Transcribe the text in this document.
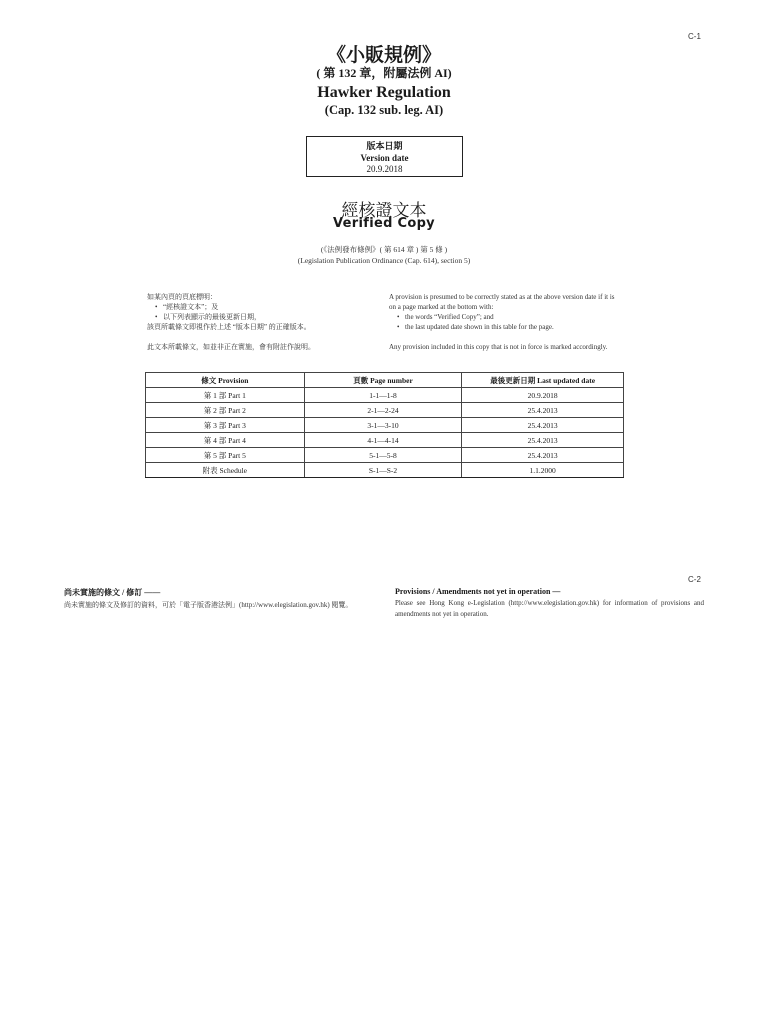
C-1
《小販規例》
( 第 132 章，附屬法例 AI)
Hawker Regulation
(Cap. 132 sub. leg. AI)
版本日期
Version date
20.9.2018
經核證文本
Verified Copy
(《法例發布條例》( 第 614 章 ) 第 5 條 )
(Legislation Publication Ordinance (Cap. 614), section 5)
如某內頁的頁底標明：
• “經核證文本”；及
• 以下列表顯示的最後更新日期，
該頁所載條文即視作於上述 “版本日期” 的正確版本。
此文本所載條文，如並非正在實施，會有附註作說明。
A provision is presumed to be correctly stated as at the above version date if it is on a page marked at the bottom with:
• the words “Verified Copy”; and
• the last updated date shown in this table for the page.
Any provision included in this copy that is not in force is marked accordingly.
條文 Provision	頁數 Page number	最後更新日期 Last updated date
第 1 部 Part 1	1-1—1-8	20.9.2018
第 2 部 Part 2	2-1—2-24	25.4.2013
第 3 部 Part 3	3-1—3-10	25.4.2013
第 4 部 Part 4	4-1—4-14	25.4.2013
第 5 部 Part 5	5-1—5-8	25.4.2013
附表 Schedule	S-1—S-2	1.1.2000
C-2
尚未實施的條文 / 修訂 ——
尚未實施的條文及修訂的資料，可於「電子版香港法例」(http://www.elegislation.gov.hk) 閱覽。
Provisions / Amendments not yet in operation —
Please see Hong Kong e-Legislation (http://www.elegislation.gov.hk) for information of provisions and amendments not yet in operation.
